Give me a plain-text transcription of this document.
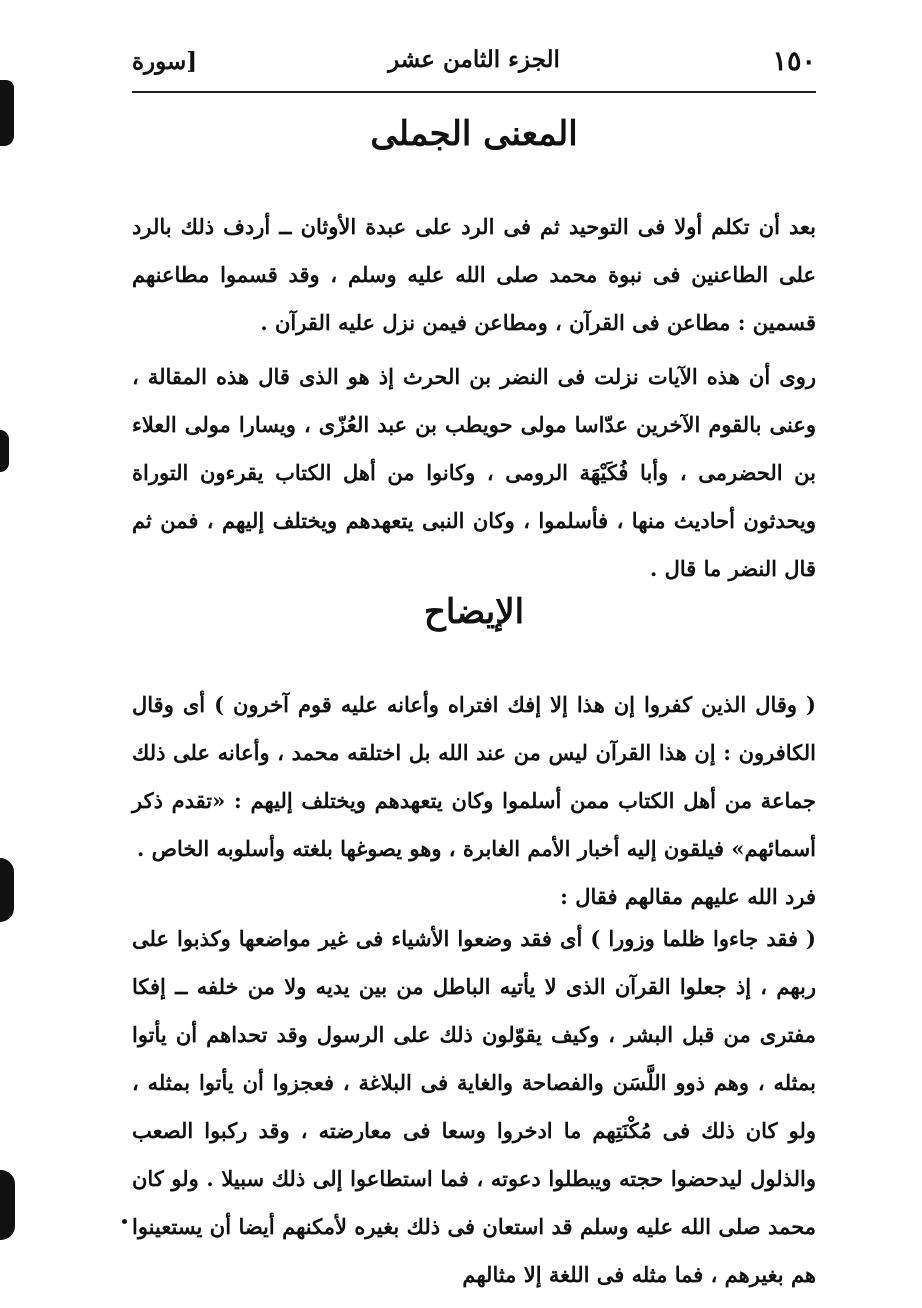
١٥٠
الجزء الثامن عشر
[سورة
المعنى الجملى

بعد أن تكلم أولا فى التوحيد ثم فى الرد على عبدة الأوثان ــ أردف ذلك بالرد على الطاعنين فى نبوة محمد صلى الله عليه وسلم ، وقد قسموا مطاعنهم قسمين : مطاعن فى القرآن ، ومطاعن فيمن نزل عليه القرآن .

روى أن هذه الآيات نزلت فى النضر بن الحرث إذ هو الذى قال هذه المقالة ، وعنى بالقوم الآخرين عدّاسا مولى حويطب بن عبد العُزّى ، ويسارا مولى العلاء بن الحضرمى ، وأبا فُكَيْهَة الرومى ، وكانوا من أهل الكتاب يقرءون التوراة ويحدثون أحاديث منها ، فأسلموا ، وكان النبى يتعهدهم ويختلف إليهم ، فمن ثم قال النضر ما قال .

الإيضاح

( وقال الذين كفروا إن هذا إلا إفك افتراه وأعانه عليه قوم آخرون ) أى وقال الكافرون : إن هذا القرآن ليس من عند الله بل اختلقه محمد ، وأعانه على ذلك جماعة من أهل الكتاب ممن أسلموا وكان يتعهدهم ويختلف إليهم : «تقدم ذكر أسمائهم» فيلقون إليه أخبار الأمم الغابرة ، وهو يصوغها بلغته وأسلوبه الخاص .

فرد الله عليهم مقالهم فقال :

( فقد جاءوا ظلما وزورا ) أى فقد وضعوا الأشياء فى غير مواضعها وكذبوا على ربهم ، إذ جعلوا القرآن الذى لا يأتيه الباطل من بين يديه ولا من خلفه ــ إفكا مفترى من قبل البشر ، وكيف يقوّلون ذلك على الرسول وقد تحداهم أن يأتوا بمثله ، وهم ذوو اللَّسَن والفصاحة والغاية فى البلاغة ، فعجزوا أن يأتوا بمثله ، ولو كان ذلك فى مُكْنَتِهم ما ادخروا وسعا فى معارضته ، وقد ركبوا الصعب والذلول ليدحضوا حجته ويبطلوا دعوته ، فما استطاعوا إلى ذلك سبيلا . ولو كان محمد صلى الله عليه وسلم قد استعان فى ذلك بغيره لأمكنهم أيضا أن يستعينوا هم بغيرهم ، فما مثله فى اللغة إلا مثالهم
